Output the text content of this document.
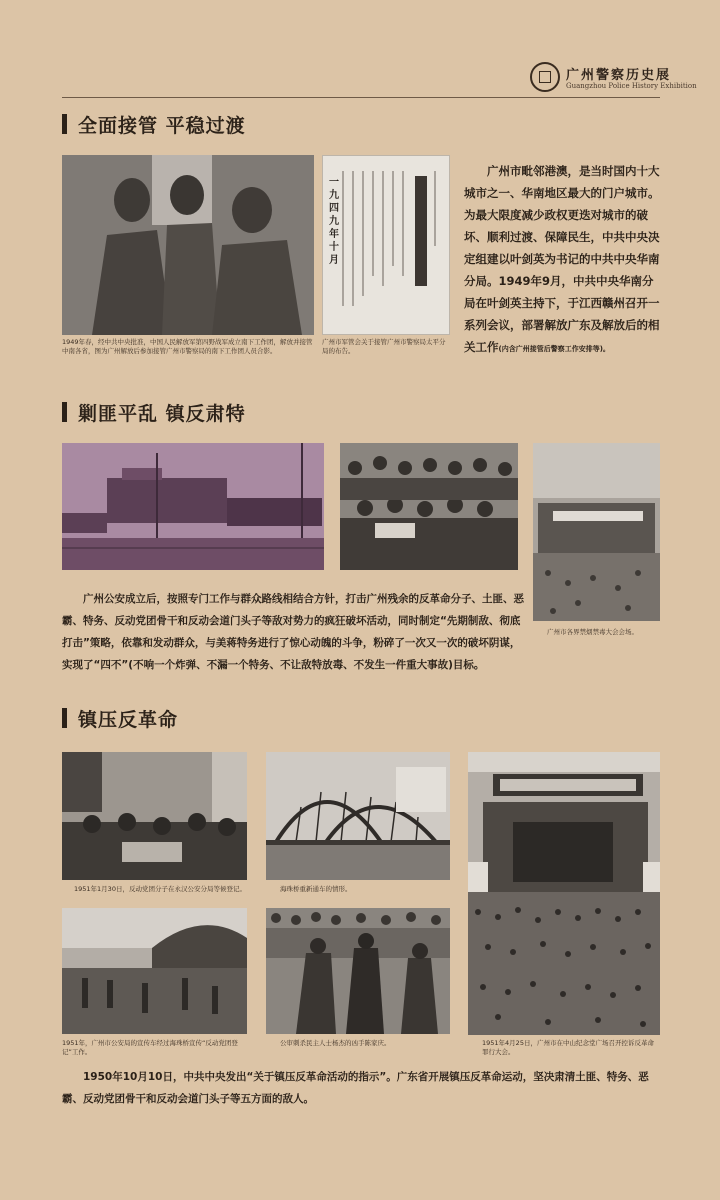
广州警察历史展
Guangzhou Police History Exhibition
全面接管 平稳过渡
1949年春，经中共中央批准，中国人民解放军第四野战军成立南下工作团，解放并接管中南各省，图为广州解放后参加接管广州市警察局的南下工作团人员合影。
一九四九年十月
广州市军管会关于接管广州市警察局太平分局的布告。
广州市毗邻港澳，是当时国内十大城市之一、华南地区最大的门户城市。为最大限度减少政权更迭对城市的破坏、顺利过渡、保障民生，中共中央决定组建以叶剑英为书记的中共中央华南分局。1949年9月，中共中央华南分局在叶剑英主持下，于江西赣州召开一系列会议，部署解放广东及解放后的相关工作(内含广州接管后警察工作安排等)。
剿匪平乱 镇反肃特
广州市各界禁烟禁毒大会会场。
广州公安成立后，按照专门工作与群众路线相结合方针，打击广州残余的反革命分子、土匪、恶霸、特务、反动党团骨干和反动会道门头子等敌对势力的疯狂破坏活动，同时制定“先期制敌、彻底打击”策略，依靠和发动群众，与美蒋特务进行了惊心动魄的斗争，粉碎了一次又一次的破坏阴谋，实现了“四不”(不响一个炸弹、不漏一个特务、不让敌特放毒、不发生一件重大事故)目标。
镇压反革命
1951年1月30日，反动党团分子在永汉公安分局等候登记。	海珠桥重新通车的情形。
1951年，广州市公安局的宣传车经过海珠桥宣传“反动党团登记”工作。
公审刺杀民主人士杨杰的凶手陈家庆。	1951年4月25日，广州市在中山纪念堂广场召开控诉反革命罪行大会。
1950年10月10日，中共中央发出“关于镇压反革命活动的指示”。广东省开展镇压反革命运动，坚决肃清土匪、特务、恶霸、反动党团骨干和反动会道门头子等五方面的敌人。
